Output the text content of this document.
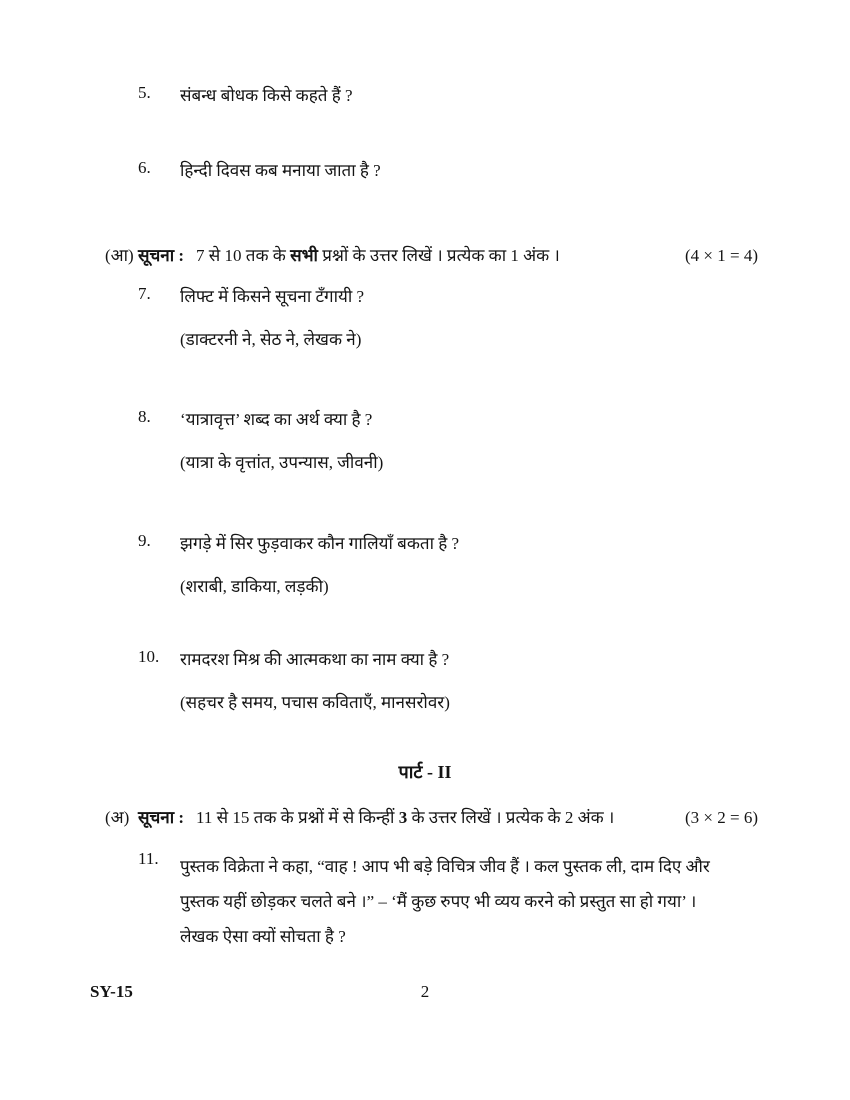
5.	संबन्ध बोधक किसे कहते हैं ?
6.	हिन्दी दिवस कब मनाया जाता है ?
(आ) सूचना : 7 से 10 तक के सभी प्रश्नों के उत्तर लिखें । प्रत्येक का 1 अंक ।	(4 × 1 = 4)
7.	लिफ्ट में किसने सूचना टँगायी ?
(डाक्टरनी ने, सेठ ने, लेखक ने)
8.	‘यात्रावृत्त’ शब्द का अर्थ क्या है ?
(यात्रा के वृत्तांत, उपन्यास, जीवनी)
9.	झगड़े में सिर फुड़वाकर कौन गालियाँ बकता है ?
(शराबी, डाकिया, लड़की)
10.	रामदरश मिश्र की आत्मकथा का नाम क्या है ?
(सहचर है समय, पचास कविताएँ, मानसरोवर)
पार्ट - II
(अ) सूचना : 11 से 15 तक के प्रश्नों में से किन्हीं 3 के उत्तर लिखें । प्रत्येक के 2 अंक ।	(3 × 2 = 6)
11.	पुस्तक विक्रेता ने कहा, “वाह ! आप भी बड़े विचित्र जीव हैं । कल पुस्तक ली, दाम दिए और पुस्तक यहीं छोड़कर चलते बने ।” – ‘मैं कुछ रुपए भी व्यय करने को प्रस्तुत सा हो गया’ । लेखक ऐसा क्यों सोचता है ?
SY-15	2
